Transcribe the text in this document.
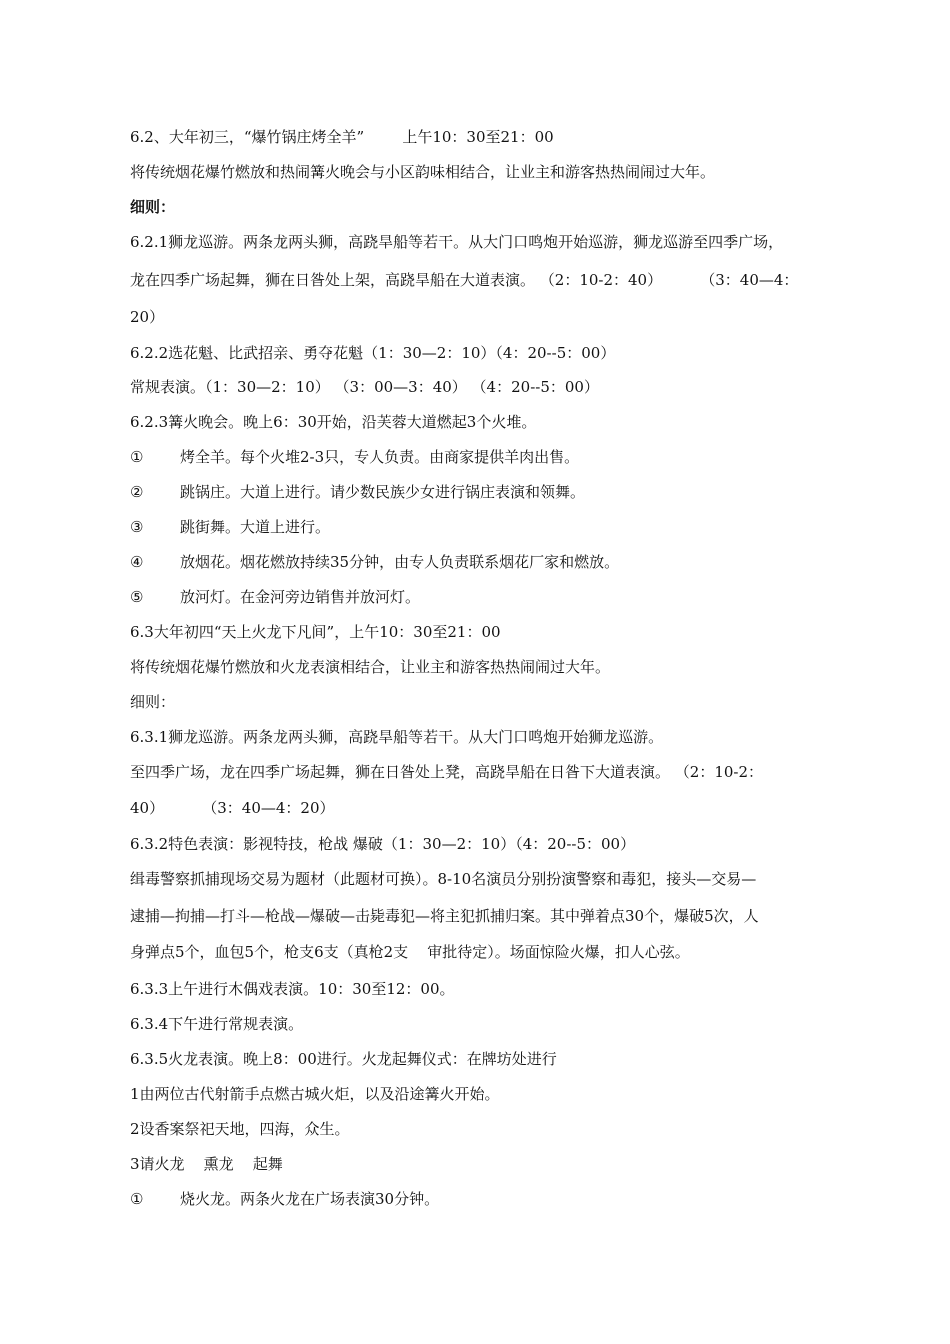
6.2、大年初三，“爆竹锅庄烤全羊”        上午10：30至21：00
将传统烟花爆竹燃放和热闹篝火晚会与小区韵味相结合，让业主和游客热热闹闹过大年。
细则：
6.2.1狮龙巡游。两条龙两头狮，高跷旱船等若干。从大门口鸣炮开始巡游，狮龙巡游至四季广场，
龙在四季广场起舞，狮在日昝处上架，高跷旱船在大道表演。 （2：10-2：40）        （3：40—4：
20）
6.2.2选花魁、比武招亲、勇夺花魁（1：30—2：10）（4：20--5：00）
常规表演。（1：30—2：10） （3：00—3：40） （4：20--5：00）
6.2.3篝火晚会。晚上6：30开始，沿芙蓉大道燃起3个火堆。
① 烤全羊。每个火堆2-3只，专人负责。由商家提供羊肉出售。
② 跳锅庄。大道上进行。请少数民族少女进行锅庄表演和领舞。
③ 跳街舞。大道上进行。
④ 放烟花。烟花燃放持续35分钟，由专人负责联系烟花厂家和燃放。
⑤ 放河灯。在金河旁边销售并放河灯。
6.3大年初四“天上火龙下凡间”，上午10：30至21：00
将传统烟花爆竹燃放和火龙表演相结合，让业主和游客热热闹闹过大年。
细则：
6.3.1狮龙巡游。两条龙两头狮，高跷旱船等若干。从大门口鸣炮开始狮龙巡游。
至四季广场，龙在四季广场起舞，狮在日昝处上凳，高跷旱船在日昝下大道表演。 （2：10-2：
40）        （3：40—4：20）
6.3.2特色表演：影视特技，枪战 爆破（1：30—2：10）（4：20--5：00）
缉毒警察抓捕现场交易为题材（此题材可换）。8-10名演员分别扮演警察和毒犯，接头—交易—
逮捕—拘捕—打斗—枪战—爆破—击毙毒犯—将主犯抓捕归案。其中弹着点30个，爆破5次，人
身弹点5个，血包5个，枪支6支（真枪2支    审批待定）。场面惊险火爆，扣人心弦。
6.3.3上午进行木偶戏表演。10：30至12：00。
6.3.4下午进行常规表演。
6.3.5火龙表演。晚上8：00进行。火龙起舞仪式：在牌坊处进行
1由两位古代射箭手点燃古城火炬，以及沿途篝火开始。
2设香案祭祀天地，四海，众生。
3请火龙    熏龙    起舞
① 烧火龙。两条火龙在广场表演30分钟。
